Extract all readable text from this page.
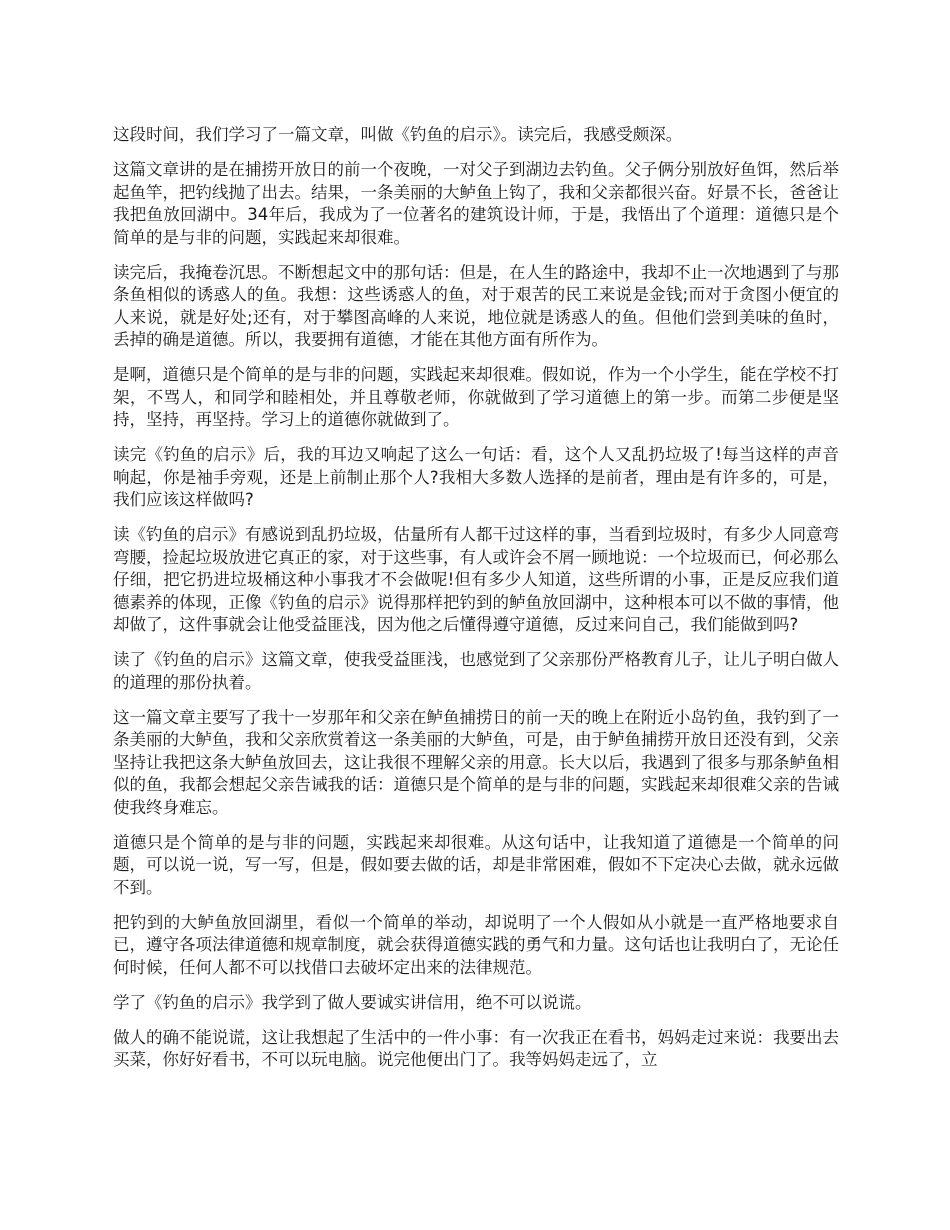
这段时间，我们学习了一篇文章，叫做《钓鱼的启示》。读完后，我感受颇深。

这篇文章讲的是在捕捞开放日的前一个夜晚，一对父子到湖边去钓鱼。父子俩分别放好鱼饵，然后举起鱼竿，把钓线抛了出去。结果，一条美丽的大鲈鱼上钩了，我和父亲都很兴奋。好景不长，爸爸让我把鱼放回湖中。34年后，我成为了一位著名的建筑设计师，于是，我悟出了个道理：道德只是个简单的是与非的问题，实践起来却很难。

读完后，我掩卷沉思。不断想起文中的那句话：但是，在人生的路途中，我却不止一次地遇到了与那条鱼相似的诱惑人的鱼。我想：这些诱惑人的鱼，对于艰苦的民工来说是金钱;而对于贪图小便宜的人来说，就是好处;还有，对于攀图高峰的人来说，地位就是诱惑人的鱼。但他们尝到美味的鱼时，丢掉的确是道德。所以，我要拥有道德，才能在其他方面有所作为。

是啊，道德只是个简单的是与非的问题，实践起来却很难。假如说，作为一个小学生，能在学校不打架，不骂人，和同学和睦相处，并且尊敬老师，你就做到了学习道德上的第一步。而第二步便是坚持，坚持，再坚持。学习上的道德你就做到了。

读完《钓鱼的启示》后，我的耳边又响起了这么一句话：看，这个人又乱扔垃圾了!每当这样的声音响起，你是袖手旁观，还是上前制止那个人?我相大多数人选择的是前者，理由是有许多的，可是，我们应该这样做吗?

读《钓鱼的启示》有感说到乱扔垃圾，估量所有人都干过这样的事，当看到垃圾时，有多少人同意弯弯腰，捡起垃圾放进它真正的家，对于这些事，有人或许会不屑一顾地说：一个垃圾而已，何必那么仔细，把它扔进垃圾桶这种小事我才不会做呢!但有多少人知道，这些所谓的小事，正是反应我们道德素养的体现，正像《钓鱼的启示》说得那样把钓到的鲈鱼放回湖中，这种根本可以不做的事情，他却做了，这件事就会让他受益匪浅，因为他之后懂得遵守道德，反过来问自己，我们能做到吗?

读了《钓鱼的启示》这篇文章，使我受益匪浅，也感觉到了父亲那份严格教育儿子，让儿子明白做人的道理的那份执着。

这一篇文章主要写了我十一岁那年和父亲在鲈鱼捕捞日的前一天的晚上在附近小岛钓鱼，我钓到了一条美丽的大鲈鱼，我和父亲欣赏着这一条美丽的大鲈鱼，可是，由于鲈鱼捕捞开放日还没有到，父亲坚持让我把这条大鲈鱼放回去，这让我很不理解父亲的用意。长大以后，我遇到了很多与那条鲈鱼相似的鱼，我都会想起父亲告诫我的话：道德只是个简单的是与非的问题，实践起来却很难父亲的告诫使我终身难忘。

道德只是个简单的是与非的问题，实践起来却很难。从这句话中，让我知道了道德是一个简单的问题，可以说一说，写一写，但是，假如要去做的话，却是非常困难，假如不下定决心去做，就永远做不到。

把钓到的大鲈鱼放回湖里，看似一个简单的举动，却说明了一个人假如从小就是一直严格地要求自已，遵守各项法律道德和规章制度，就会获得道德实践的勇气和力量。这句话也让我明白了，无论任何时候，任何人都不可以找借口去破坏定出来的法律规范。

学了《钓鱼的启示》我学到了做人要诚实讲信用，绝不可以说谎。

做人的确不能说谎，这让我想起了生活中的一件小事：有一次我正在看书，妈妈走过来说：我要出去买菜，你好好看书，不可以玩电脑。说完他便出门了。我等妈妈走远了，立
